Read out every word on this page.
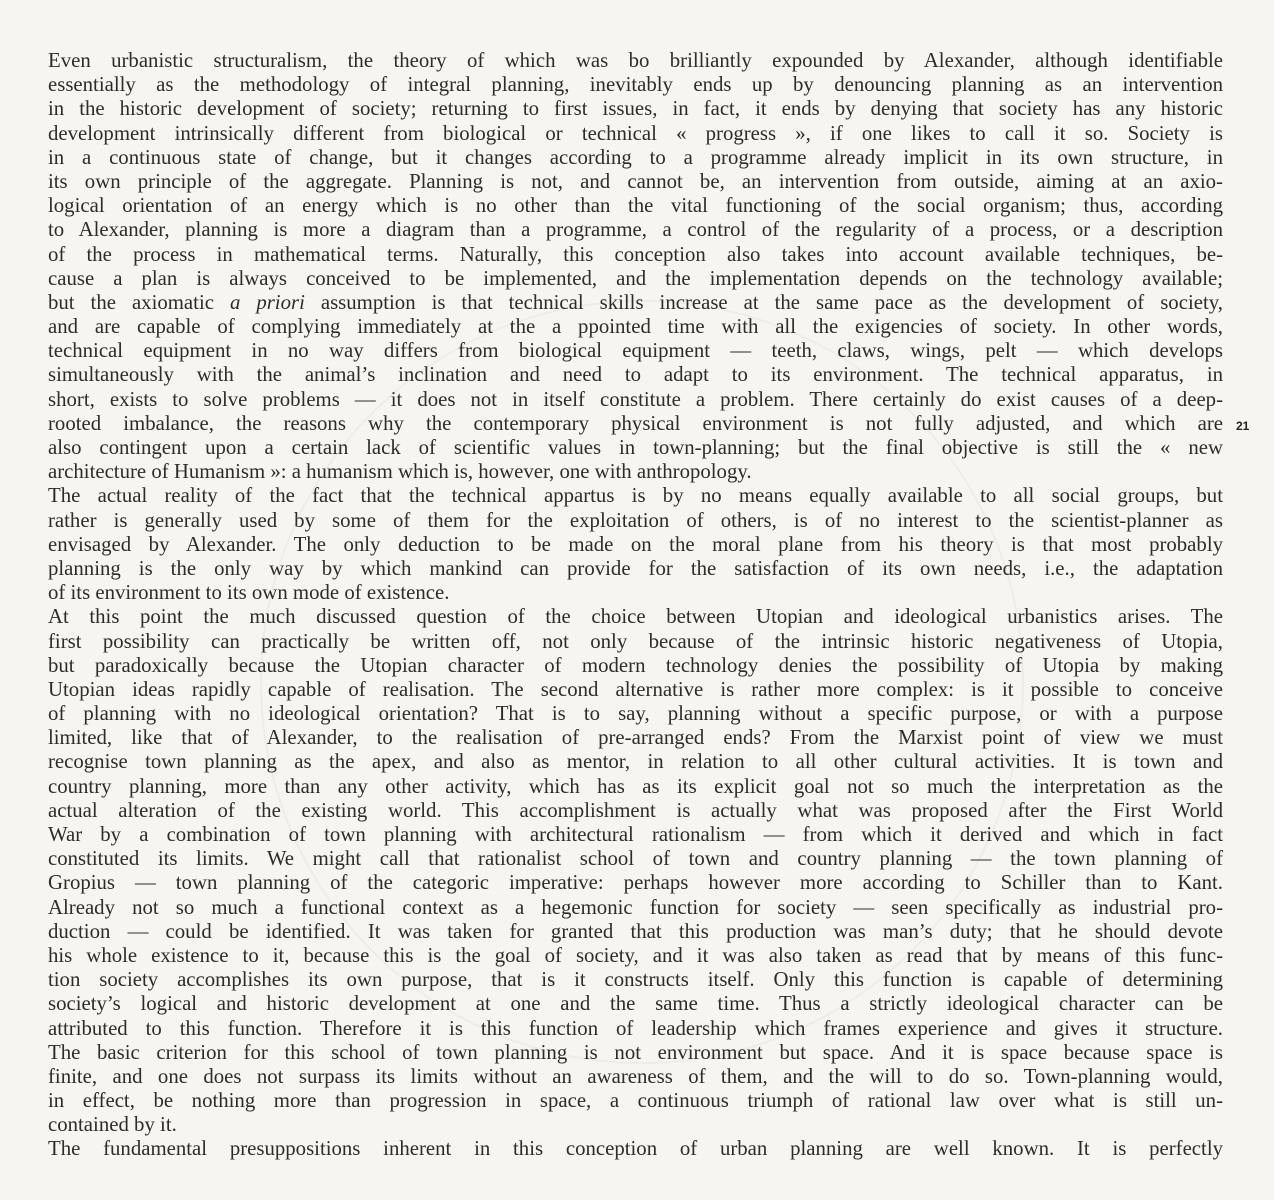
Even urbanistic structuralism, the theory of which was bo brilliantly expounded by Alexander, although identifiable
essentially as the methodology of integral planning, inevitably ends up by denouncing planning as an intervention
in the historic development of society; returning to first issues, in fact, it ends by denying that society has any historic
development intrinsically different from biological or technical « progress », if one likes to call it so. Society is
in a continuous state of change, but it changes according to a programme already implicit in its own structure, in
its own principle of the aggregate. Planning is not, and cannot be, an intervention from outside, aiming at an axio-
logical orientation of an energy which is no other than the vital functioning of the social organism; thus, according
to Alexander, planning is more a diagram than a programme, a control of the regularity of a process, or a description
of the process in mathematical terms. Naturally, this conception also takes into account available techniques, be-
cause a plan is always conceived to be implemented, and the implementation depends on the technology available;
but the axiomatic a priori assumption is that technical skills increase at the same pace as the development of society,
and are capable of complying immediately at the a ppointed time with all the exigencies of society. In other words,
technical equipment in no way differs from biological equipment — teeth, claws, wings, pelt — which develops
simultaneously with the animal’s inclination and need to adapt to its environment. The technical apparatus, in
short, exists to solve problems — it does not in itself constitute a problem. There certainly do exist causes of a deep-
rooted imbalance, the reasons why the contemporary physical environment is not fully adjusted, and which are
also contingent upon a certain lack of scientific values in town-planning; but the final objective is still the « new
architecture of Humanism »: a humanism which is, however, one with anthropology.
The actual reality of the fact that the technical appartus is by no means equally available to all social groups, but
rather is generally used by some of them for the exploitation of others, is of no interest to the scientist-planner as
envisaged by Alexander. The only deduction to be made on the moral plane from his theory is that most probably
planning is the only way by which mankind can provide for the satisfaction of its own needs, i.e., the adaptation
of its environment to its own mode of existence.
At this point the much discussed question of the choice between Utopian and ideological urbanistics arises. The
first possibility can practically be written off, not only because of the intrinsic historic negativeness of Utopia,
but paradoxically because the Utopian character of modern technology denies the possibility of Utopia by making
Utopian ideas rapidly capable of realisation. The second alternative is rather more complex: is it possible to conceive
of planning with no ideological orientation? That is to say, planning without a specific purpose, or with a purpose
limited, like that of Alexander, to the realisation of pre-arranged ends? From the Marxist point of view we must
recognise town planning as the apex, and also as mentor, in relation to all other cultural activities. It is town and
country planning, more than any other activity, which has as its explicit goal not so much the interpretation as the
actual alteration of the existing world. This accomplishment is actually what was proposed after the First World
War by a combination of town planning with architectural rationalism — from which it derived and which in fact
constituted its limits. We might call that rationalist school of town and country planning — the town planning of
Gropius — town planning of the categoric imperative: perhaps however more according to Schiller than to Kant.
Already not so much a functional context as a hegemonic function for society — seen specifically as industrial pro-
duction — could be identified. It was taken for granted that this production was man’s duty; that he should devote
his whole existence to it, because this is the goal of society, and it was also taken as read that by means of this func-
tion society accomplishes its own purpose, that is it constructs itself. Only this function is capable of determining
society’s logical and historic development at one and the same time. Thus a strictly ideological character can be
attributed to this function. Therefore it is this function of leadership which frames experience and gives it structure.
The basic criterion for this school of town planning is not environment but space. And it is space because space is
finite, and one does not surpass its limits without an awareness of them, and the will to do so. Town-planning would,
in effect, be nothing more than progression in space, a continuous triumph of rational law over what is still un-
contained by it.
The fundamental presuppositions inherent in this conception of urban planning are well known. It is perfectly
21
